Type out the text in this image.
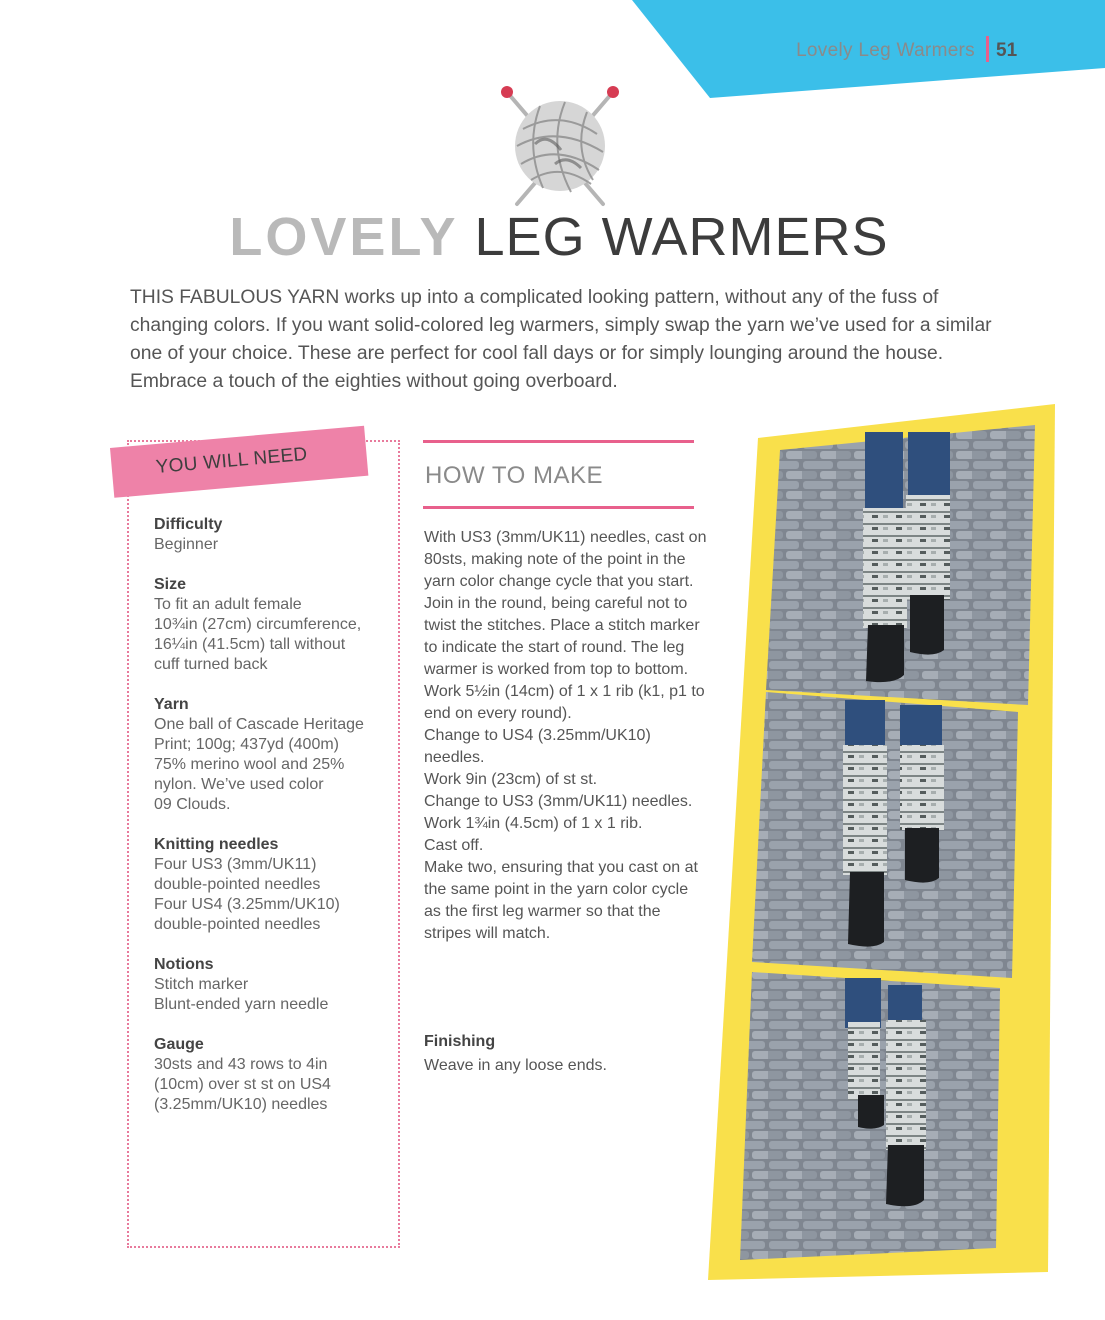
Lovely Leg Warmers 51
LOVELY LEG WARMERS
THIS FABULOUS YARN works up into a complicated looking pattern, without any of the fuss of changing colors. If you want solid-colored leg warmers, simply swap the yarn we’ve used for a similar one of your choice. These are perfect for cool fall days or for simply lounging around the house. Embrace a touch of the eighties without going overboard.
YOU WILL NEED
Difficulty
Beginner
Size
To fit an adult female
10¾in (27cm) circumference,
16¼in (41.5cm) tall without
cuff turned back
Yarn
One ball of Cascade Heritage
Print; 100g; 437yd (400m)
75% merino wool and 25%
nylon. We’ve used color
09 Clouds.
Knitting needles
Four US3 (3mm/UK11)
double-pointed needles
Four US4 (3.25mm/UK10)
double-pointed needles
Notions
Stitch marker
Blunt-ended yarn needle
Gauge
30sts and 43 rows to 4in
(10cm) over st st on US4
(3.25mm/UK10) needles
HOW TO MAKE
With US3 (3mm/UK11) needles, cast on 80sts, making note of the point in the yarn color change cycle that you start.
Join in the round, being careful not to twist the stitches. Place a stitch marker to indicate the start of round. The leg warmer is worked from top to bottom.
Work 5½in (14cm) of 1 x 1 rib (k1, p1 to end on every round).
Change to US4 (3.25mm/UK10) needles.
Work 9in (23cm) of st st.
Change to US3 (3mm/UK11) needles.
Work 1¾in (4.5cm) of 1 x 1 rib.
Cast off.
Make two, ensuring that you cast on at the same point in the yarn color cycle as the first leg warmer so that the stripes will match.
Finishing
Weave in any loose ends.
